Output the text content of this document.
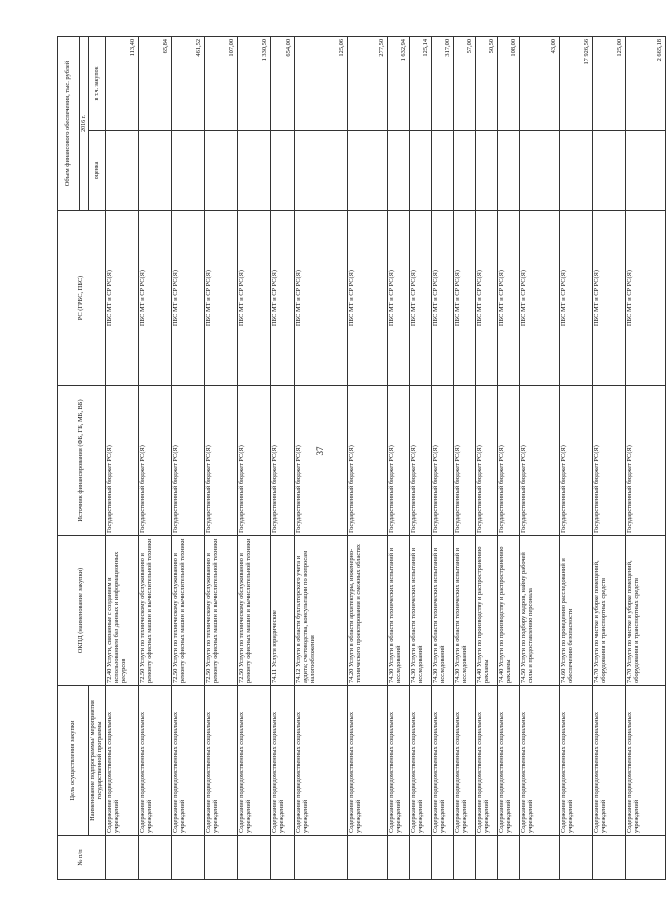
37
№ п/п	Цель осуществления закупки	ОКПД (наименование закупки)	Источник финансирования (ФБ, ГБ, МБ, ВБ)	РС (ГРБС, ПБС)	Объем финансового обеспечения, тыс. рублей	
					2016 г.	
	Наименование подпрограммы/ мероприятия государственной программы				оценка	в т.ч. закупок

	Содержание подведомственных социальных учреждений	72.40 Услуги, связанные с созданием и использованием баз данных и информационных ресурсов	Государственный бюджет РС(Я)	ПБС МТ и СР РС(Я)		113,40
	Содержание подведомственных социальных учреждений	72.50 Услуги по техническому обслуживанию и ремонту офисных машин и вычислительной техники	Государственный бюджет РС(Я)	ПБС МТ и СР РС(Я)		65,84
	Содержание подведомственных социальных учреждений	72.50 Услуги по техническому обслуживанию и ремонту офисных машин и вычислительной техники	Государственный бюджет РС(Я)	ПБС МТ и СР РС(Я)		461,52
	Содержание подведомственных социальных учреждений	72.50 Услуги по техническому обслуживанию и ремонту офисных машин и вычислительной техники	Государственный бюджет РС(Я)	ПБС МТ и СР РС(Я)		107,00
	Содержание подведомственных социальных учреждений	72.50 Услуги по техническому обслуживанию и ремонту офисных машин и вычислительной техники	Государственный бюджет РС(Я)	ПБС МТ и СР РС(Я)		1 330,50
	Содержание подведомственных социальных учреждений	74.11 Услуги юридические	Государственный бюджет РС(Я)	ПБС МТ и СР РС(Я)		654,00
	Содержание подведомственных социальных учреждений	74.12 Услуги в области бухгалтерского учета и аудита; счетоводства, консультации по вопросам налогообложения	Государственный бюджет РС(Я)	ПБС МТ и СР РС(Я)		125,06
	Содержание подведомственных социальных учреждений	74.20 Услуги в области архитектуры, инженерно-технического проектирования и смежных областях	Государственный бюджет РС(Я)	ПБС МТ и СР РС(Я)		277,50
	Содержание подведомственных социальных учреждений	74.30 Услуги в области технических испытаний и исследований	Государственный бюджет РС(Я)	ПБС МТ и СР РС(Я)		1 632,94
	Содержание подведомственных социальных учреждений	74.30 Услуги в области технических испытаний и исследований	Государственный бюджет РС(Я)	ПБС МТ и СР РС(Я)		125,14
	Содержание подведомственных социальных учреждений	74.30 Услуги в области технических испытаний и исследований	Государственный бюджет РС(Я)	ПБС МТ и СР РС(Я)		317,00
	Содержание подведомственных социальных учреждений	74.30 Услуги в области технических испытаний и исследований	Государственный бюджет РС(Я)	ПБС МТ и СР РС(Я)		57,00
	Содержание подведомственных социальных учреждений	74.40 Услуги по производству и распространению рекламы	Государственный бюджет РС(Я)	ПБС МТ и СР РС(Я)		50,50
	Содержание подведомственных социальных учреждений	74.40 Услуги по производству и распространению рекламы	Государственный бюджет РС(Я)	ПБС МТ и СР РС(Я)		108,00
	Содержание подведомственных социальных учреждений	74.50 Услуги по подбору кадров, найму рабочей силы и предоставлению персонала	Государственный бюджет РС(Я)	ПБС МТ и СР РС(Я)		43,00
	Содержание подведомственных социальных учреждений	74.60 Услуги по проведению расследований и обеспечению безопасности	Государственный бюджет РС(Я)	ПБС МТ и СР РС(Я)		17 926,56
	Содержание подведомственных социальных учреждений	74.70 Услуги по чистке и уборке помещений, оборудования и транспортных средств	Государственный бюджет РС(Я)	ПБС МТ и СР РС(Я)		125,00
	Содержание подведомственных социальных учреждений	74.70 Услуги по чистке и уборке помещений, оборудования и транспортных средств	Государственный бюджет РС(Я)	ПБС МТ и СР РС(Я)		2 665,18
